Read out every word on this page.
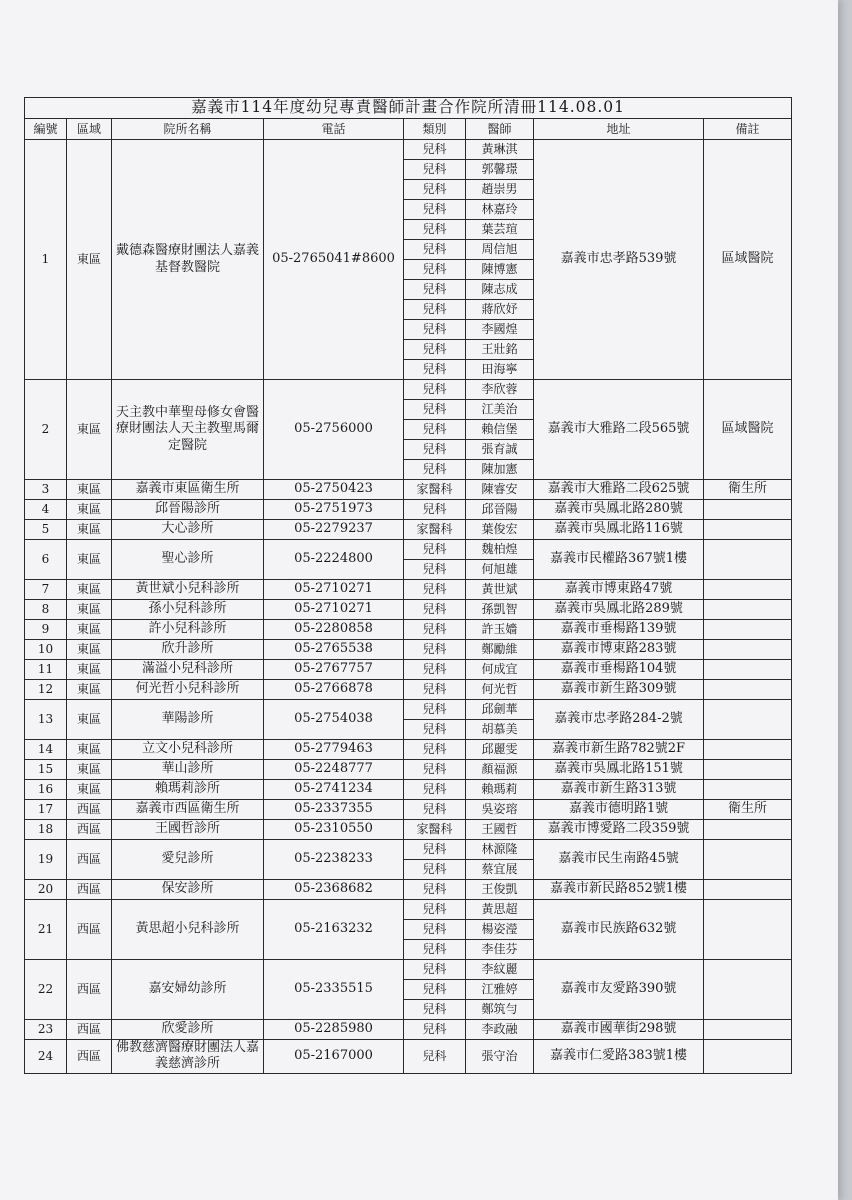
嘉義市114年度幼兒專責醫師計畫合作院所清冊114.08.01							
編號	區域	院所名稱	電話	類別	醫師	地址	備註
1	東區	戴德森醫療財團法人嘉義基督教醫院	05-2765041#8600	兒科	黃琳淇	嘉義市忠孝路539號	區域醫院
				兒科	郭馨璟		
				兒科	趙崇男		
				兒科	林嘉玲		
				兒科	葉芸瑄		
				兒科	周信旭		
				兒科	陳博憲		
				兒科	陳志成		
				兒科	蔣欣妤		
				兒科	李國煌		
				兒科	王壯銘		
				兒科	田海寧		
2	東區	天主教中華聖母修女會醫療財團法人天主教聖馬爾定醫院	05-2756000	兒科	李欣蓉	嘉義市大雅路二段565號	區域醫院
				兒科	江美治		
				兒科	賴信堡		
				兒科	張育誠		
				兒科	陳加憲		
3	東區	嘉義市東區衛生所	05-2750423	家醫科	陳睿安	嘉義市大雅路二段625號	衛生所
4	東區	邱晉陽診所	05-2751973	兒科	邱晉陽	嘉義市吳鳳北路280號	
5	東區	大心診所	05-2279237	家醫科	葉俊宏	嘉義市吳鳳北路116號	
6	東區	聖心診所	05-2224800	兒科	魏柏煌	嘉義市民權路367號1樓	
				兒科	何旭雄		
7	東區	黃世斌小兒科診所	05-2710271	兒科	黃世斌	嘉義市博東路47號	
8	東區	孫小兒科診所	05-2710271	兒科	孫凱智	嘉義市吳鳳北路289號	
9	東區	許小兒科診所	05-2280858	兒科	許玉嬙	嘉義市垂楊路139號	
10	東區	欣升診所	05-2765538	兒科	鄭勵維	嘉義市博東路283號	
11	東區	滿溢小兒科診所	05-2767757	兒科	何成宜	嘉義市垂楊路104號	
12	東區	何光哲小兒科診所	05-2766878	兒科	何光哲	嘉義市新生路309號	
13	東區	華陽診所	05-2754038	兒科	邱劍華	嘉義市忠孝路284-2號	
				兒科	胡慕美		
14	東區	立文小兒科診所	05-2779463	兒科	邱麗雯	嘉義市新生路782號2F	
15	東區	華山診所	05-2248777	兒科	顏福源	嘉義市吳鳳北路151號	
16	東區	賴瑪莉診所	05-2741234	兒科	賴瑪莉	嘉義市新生路313號	
17	西區	嘉義市西區衛生所	05-2337355	兒科	吳姿瑢	嘉義市德明路1號	衛生所
18	西區	王國哲診所	05-2310550	家醫科	王國哲	嘉義市博愛路二段359號	
19	西區	愛兒診所	05-2238233	兒科	林源隆	嘉義市民生南路45號	
				兒科	蔡宜展		
20	西區	保安診所	05-2368682	兒科	王俊凱	嘉義市新民路852號1樓	
21	西區	黃思超小兒科診所	05-2163232	兒科	黃思超	嘉義市民族路632號	
				兒科	楊姿瀅		
				兒科	李佳芬		
22	西區	嘉安婦幼診所	05-2335515	兒科	李紋麗	嘉義市友愛路390號	
				兒科	江雅婷		
				兒科	鄭筑勻		
23	西區	欣愛診所	05-2285980	兒科	李政融	嘉義市國華街298號	
24	西區	佛教慈濟醫療財團法人嘉義慈濟診所	05-2167000	兒科	張守治	嘉義市仁愛路383號1樓	
